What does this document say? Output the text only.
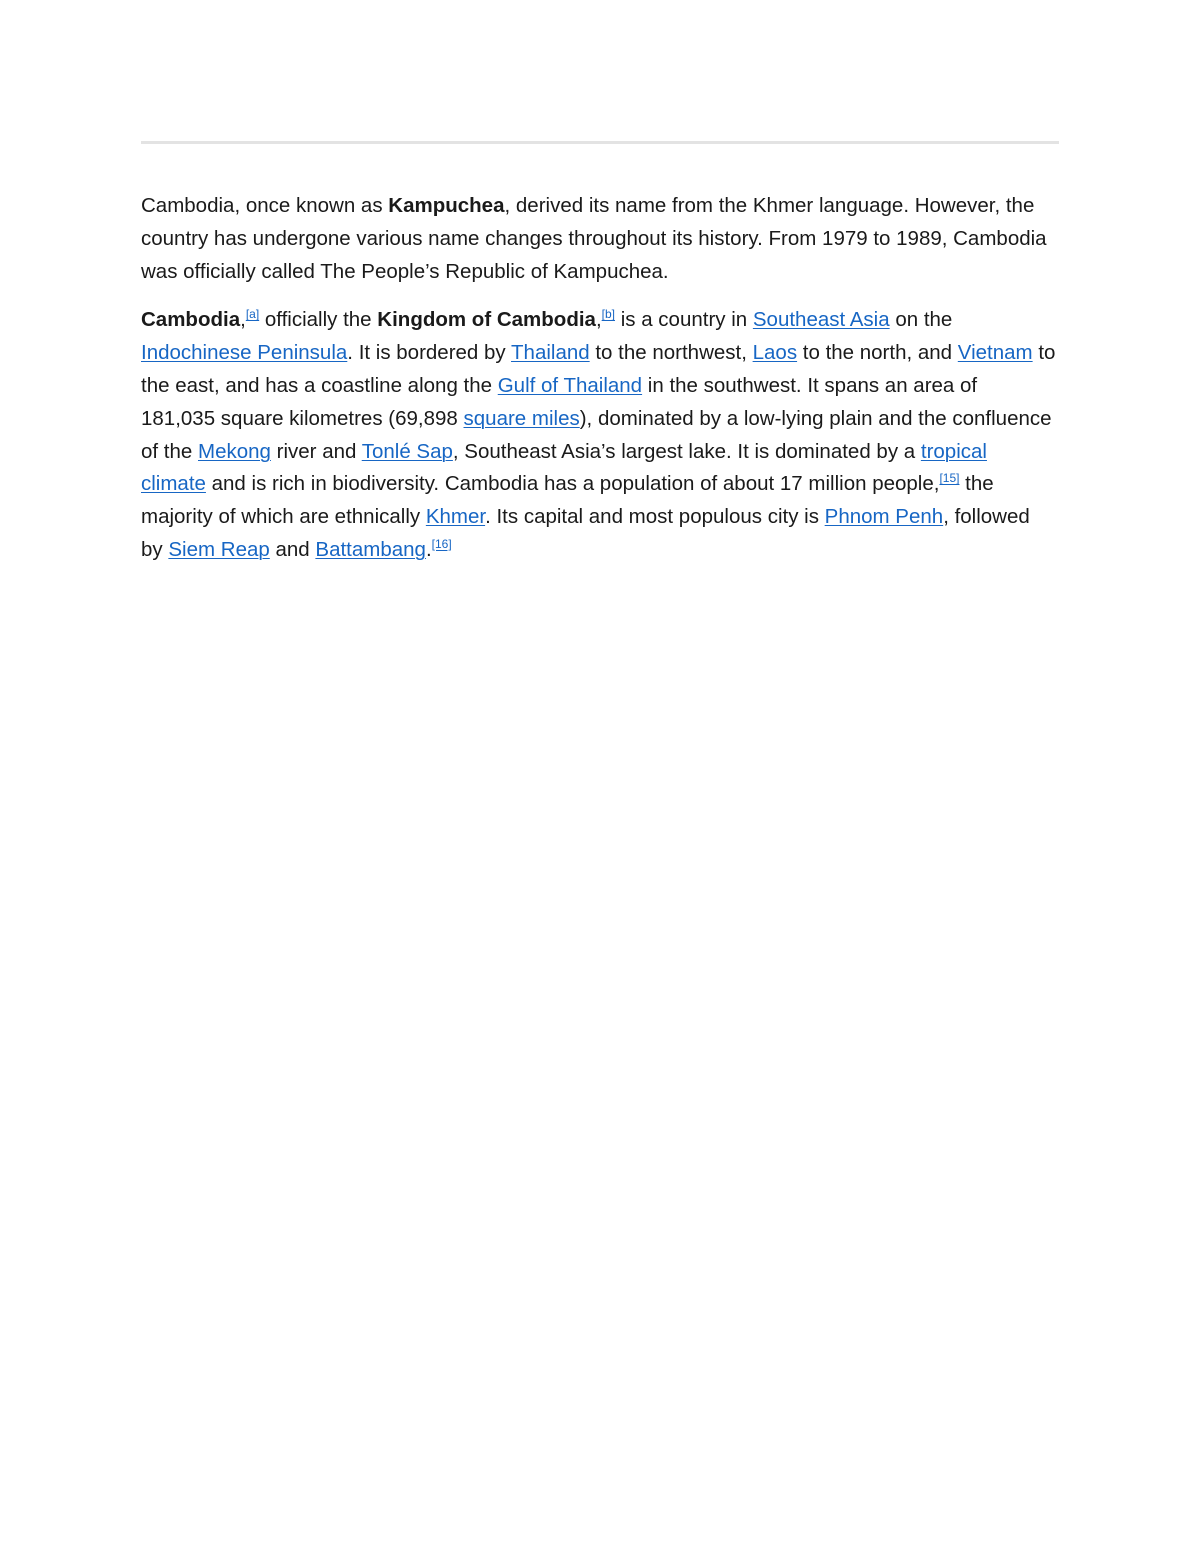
Cambodia, once known as Kampuchea, derived its name from the Khmer language. However, the country has undergone various name changes throughout its history. From 1979 to 1989, Cambodia was officially called The People’s Republic of Kampuchea.

Cambodia,[a] officially the Kingdom of Cambodia,[b] is a country in Southeast Asia on the Indochinese Peninsula. It is bordered by Thailand to the northwest, Laos to the north, and Vietnam to the east, and has a coastline along the Gulf of Thailand in the southwest. It spans an area of 181,035 square kilometres (69,898 square miles), dominated by a low-lying plain and the confluence of the Mekong river and Tonlé Sap, Southeast Asia’s largest lake. It is dominated by a tropical climate and is rich in biodiversity. Cambodia has a population of about 17 million people,[15] the majority of which are ethnically Khmer. Its capital and most populous city is Phnom Penh, followed by Siem Reap and Battambang.[16]
